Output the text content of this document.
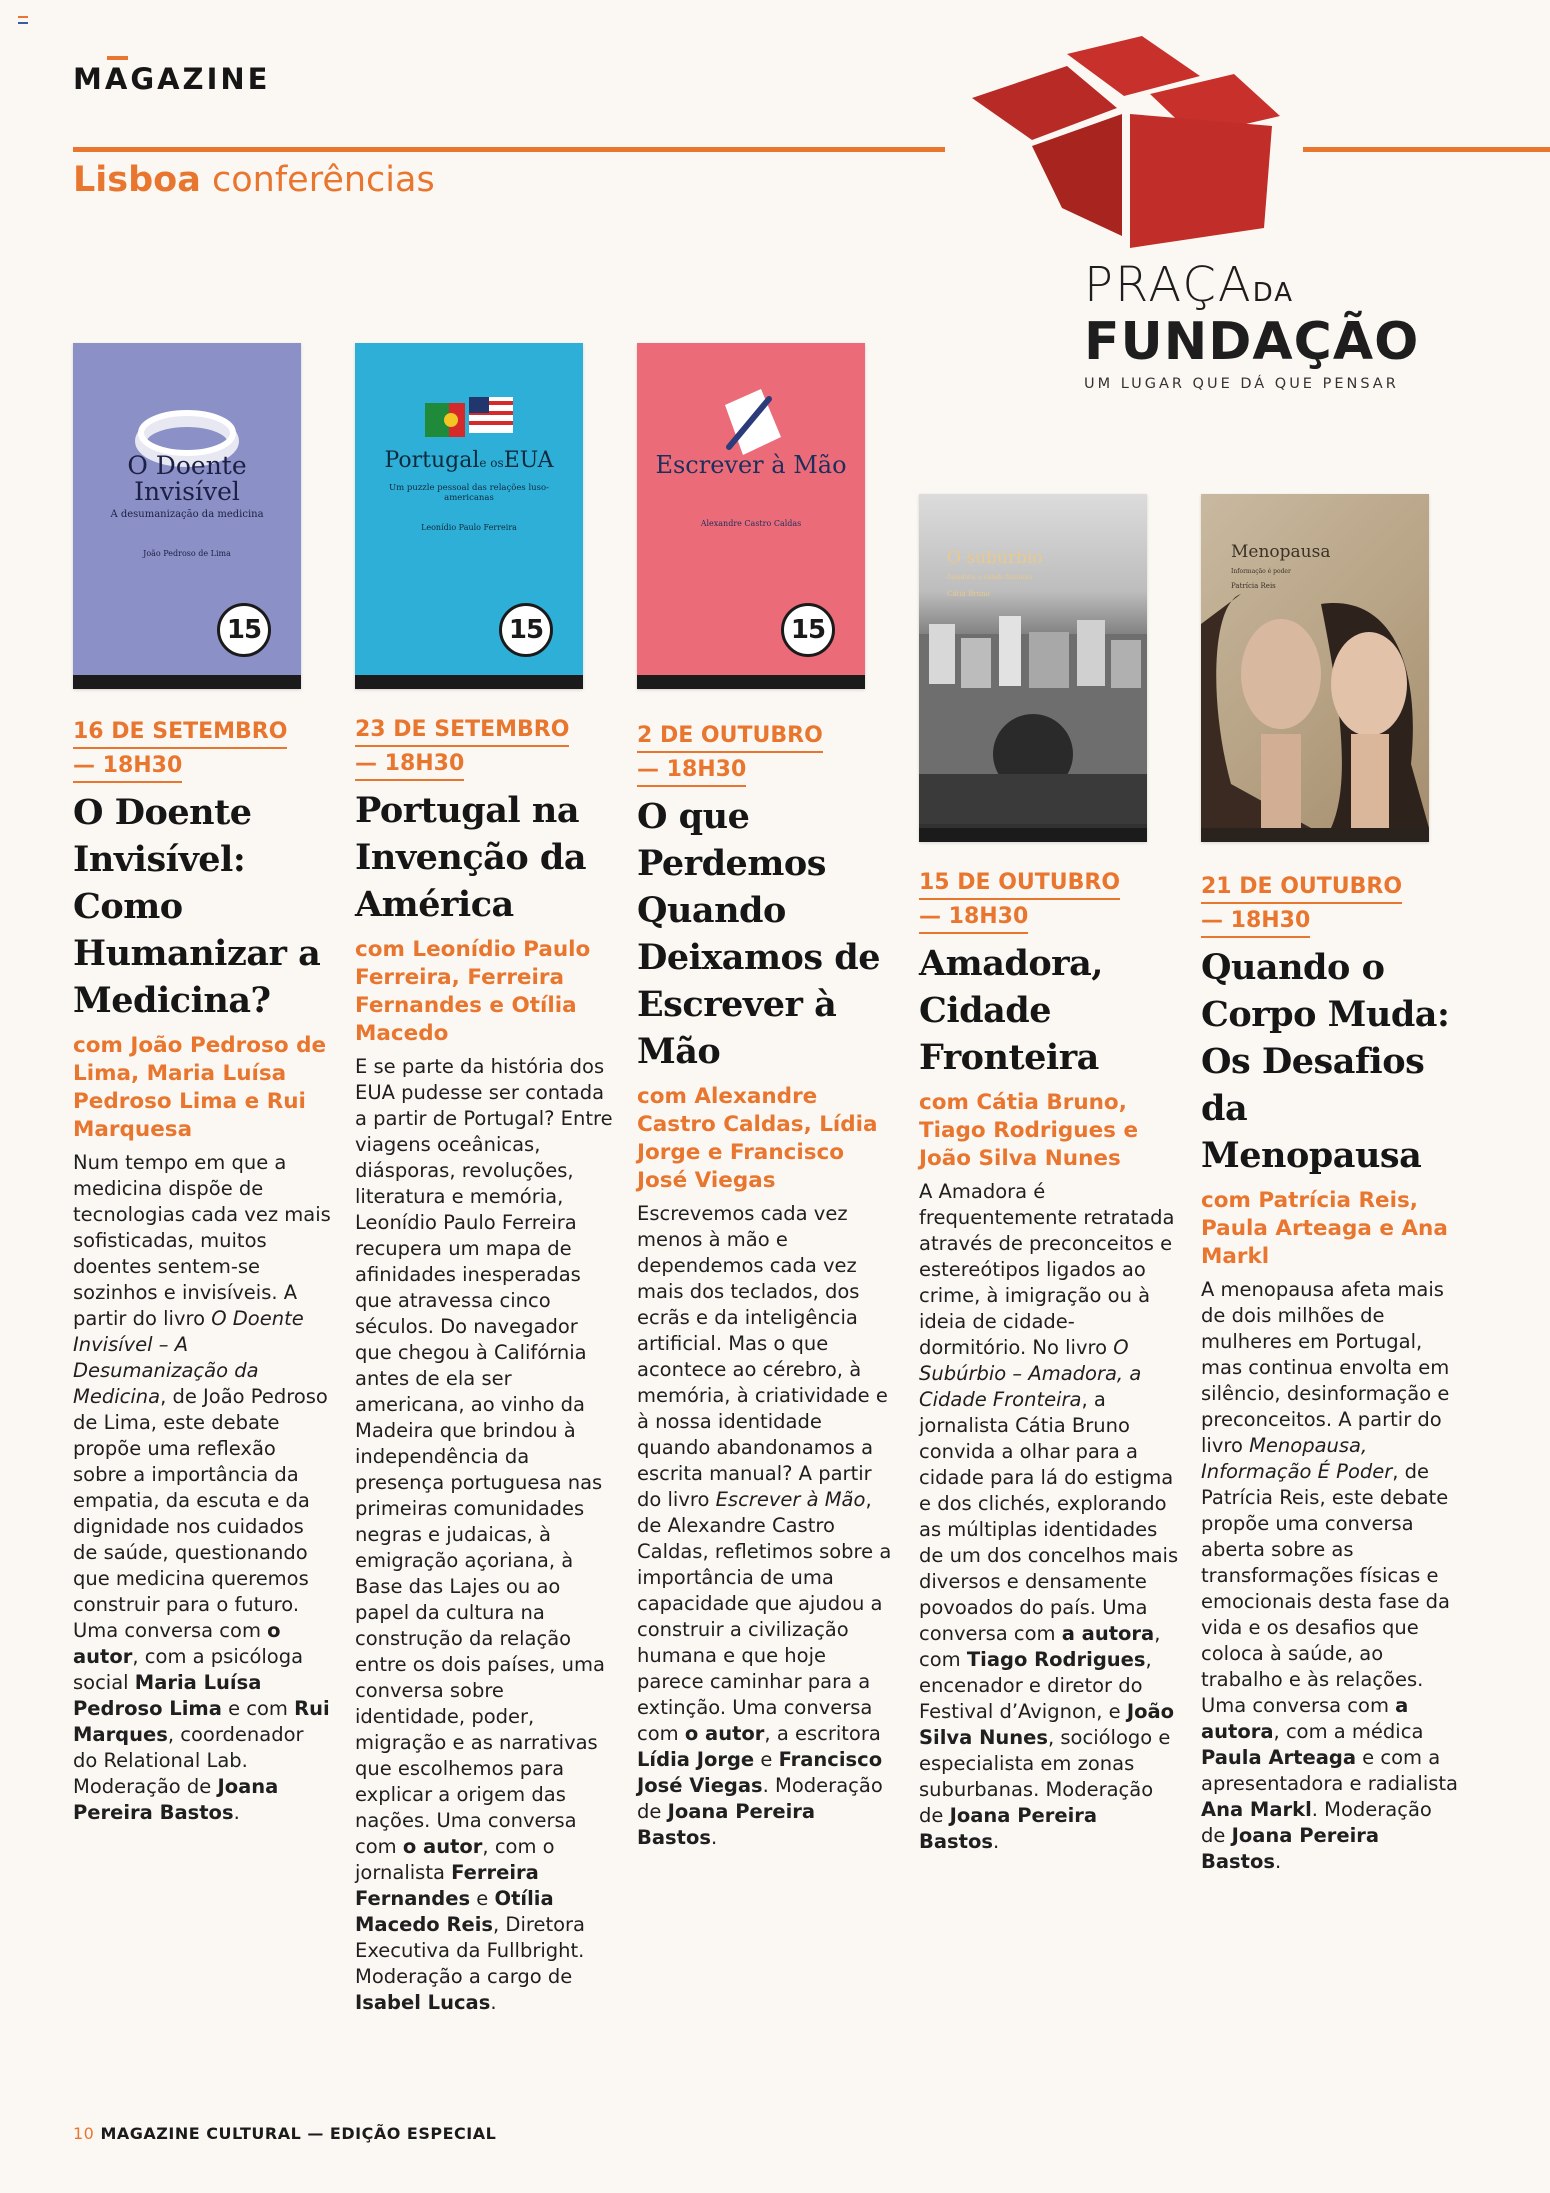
MAGAZINE
Lisboa conferências
PRAÇADA
FUNDAÇÃO
UM LUGAR QUE DÁ QUE PENSAR
O Doente Invisível
A desumanização da medicina
João Pedroso de Lima
15
Portugale osEUA
Um puzzle pessoal das relações luso-americanas
Leonídio Paulo Ferreira
15
Escrever à Mão
Alexandre Castro Caldas
15
O subúrbio
Amadora, a cidade fronteira
Cátia Bruno
Menopausa
Informação é poder
Patrícia Reis
16 DE SETEMBRO
— 18H30
O Doente Invisível: Como Humanizar a Medicina?
com João Pedroso de Lima, Maria Luísa Pedroso Lima e Rui Marquesa
Num tempo em que a medicina dispõe de tecnologias cada vez mais sofisticadas, muitos doentes sentem-se sozinhos e invisíveis. A partir do livro O Doente Invisível – A Desumanização da Medicina, de João Pedroso de Lima, este debate propõe uma reflexão sobre a importância da empatia, da escuta e da dignidade nos cuidados de saúde, questionando que medicina queremos construir para o futuro. Uma conversa com o autor, com a psicóloga social Maria Luísa Pedroso Lima e com Rui Marques, coordenador do Relational Lab. Moderação de Joana Pereira Bastos.
23 DE SETEMBRO
— 18H30
Portugal na Invenção da América
com Leonídio Paulo Ferreira, Ferreira Fernandes e Otília Macedo
E se parte da história dos EUA pudesse ser contada a partir de Portugal? Entre viagens oceânicas, diásporas, revoluções, literatura e memória, Leonídio Paulo Ferreira recupera um mapa de afinidades inesperadas que atravessa cinco séculos. Do navegador que chegou à Califórnia antes de ela ser americana, ao vinho da Madeira que brindou à independência da presença portuguesa nas primeiras comunidades negras e judaicas, à emigração açoriana, à Base das Lajes ou ao papel da cultura na construção da relação entre os dois países, uma conversa sobre identidade, poder, migração e as narrativas que escolhemos para explicar a origem das nações. Uma conversa com o autor, com o jornalista Ferreira Fernandes e Otília Macedo Reis, Diretora Executiva da Fullbright. Moderação a cargo de Isabel Lucas.
2 DE OUTUBRO
— 18H30
O que Perdemos Quando Deixamos de Escrever à Mão
com Alexandre Castro Caldas, Lídia Jorge e Francisco José Viegas
Escrevemos cada vez menos à mão e dependemos cada vez mais dos teclados, dos ecrãs e da inteligência artificial. Mas o que acontece ao cérebro, à memória, à criatividade e à nossa identidade quando abandonamos a escrita manual? A partir do livro Escrever à Mão, de Alexandre Castro Caldas, refletimos sobre a importância de uma capacidade que ajudou a construir a civilização humana e que hoje parece caminhar para a extinção. Uma conversa com o autor, a escritora Lídia Jorge e Francisco José Viegas. Moderação de Joana Pereira Bastos.
15 DE OUTUBRO
— 18H30
Amadora, Cidade Fronteira
com Cátia Bruno, Tiago Rodrigues e João Silva Nunes
A Amadora é frequentemente retratada através de preconceitos e estereótipos ligados ao crime, à imigração ou à ideia de cidade-dormitório. No livro O Subúrbio – Amadora, a Cidade Fronteira, a jornalista Cátia Bruno convida a olhar para a cidade para lá do estigma e dos clichés, explorando as múltiplas identidades de um dos concelhos mais diversos e densamente povoados do país. Uma conversa com a autora, com Tiago Rodrigues, encenador e diretor do Festival d’Avignon, e João Silva Nunes, sociólogo e especialista em zonas suburbanas. Moderação de Joana Pereira Bastos.
21 DE OUTUBRO
— 18H30
Quando o Corpo Muda: Os Desafios da Menopausa
com Patrícia Reis, Paula Arteaga e Ana Markl
A menopausa afeta mais de dois milhões de mulheres em Portugal, mas continua envolta em silêncio, desinformação e preconceitos. A partir do livro Menopausa, Informação É Poder, de Patrícia Reis, este debate propõe uma conversa aberta sobre as transformações físicas e emocionais desta fase da vida e os desafios que coloca à saúde, ao trabalho e às relações. Uma conversa com a autora, com a médica Paula Arteaga e com a apresentadora e radialista Ana Markl. Moderação de Joana Pereira Bastos.
10 MAGAZINE CULTURAL — EDIÇÃO ESPECIAL
